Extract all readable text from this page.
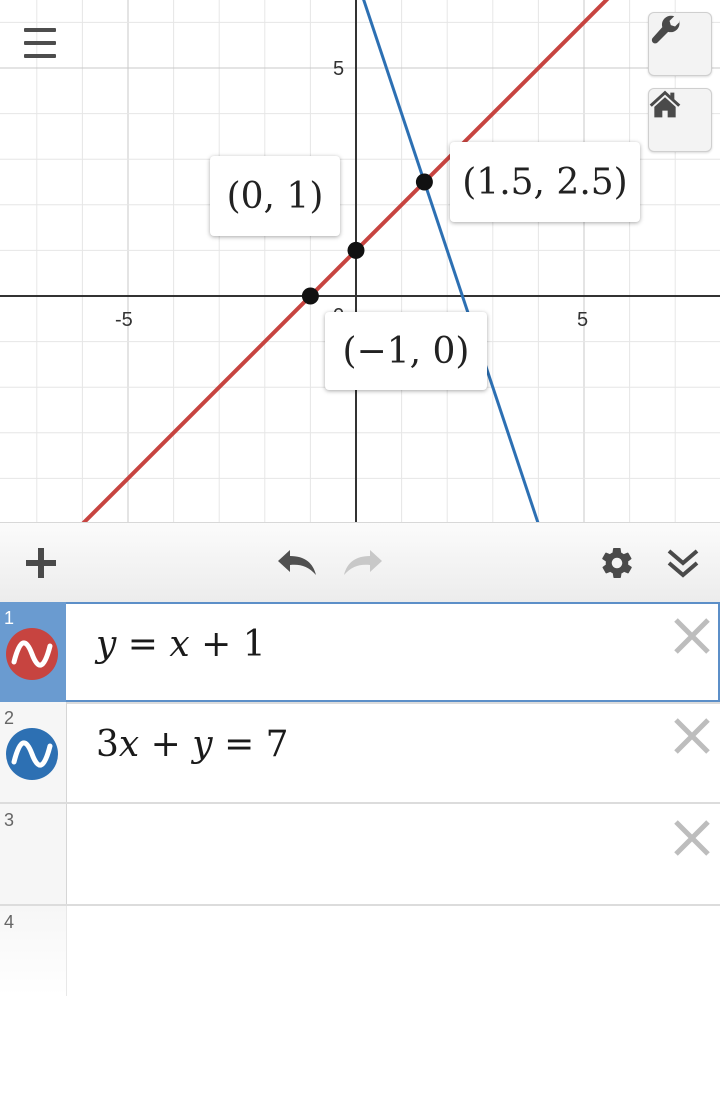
-5	5
5
(0, 1)	(1.5, 2.5)
(−1, 0)
1
y = x + 1
2
3x + y = 7
3
4
